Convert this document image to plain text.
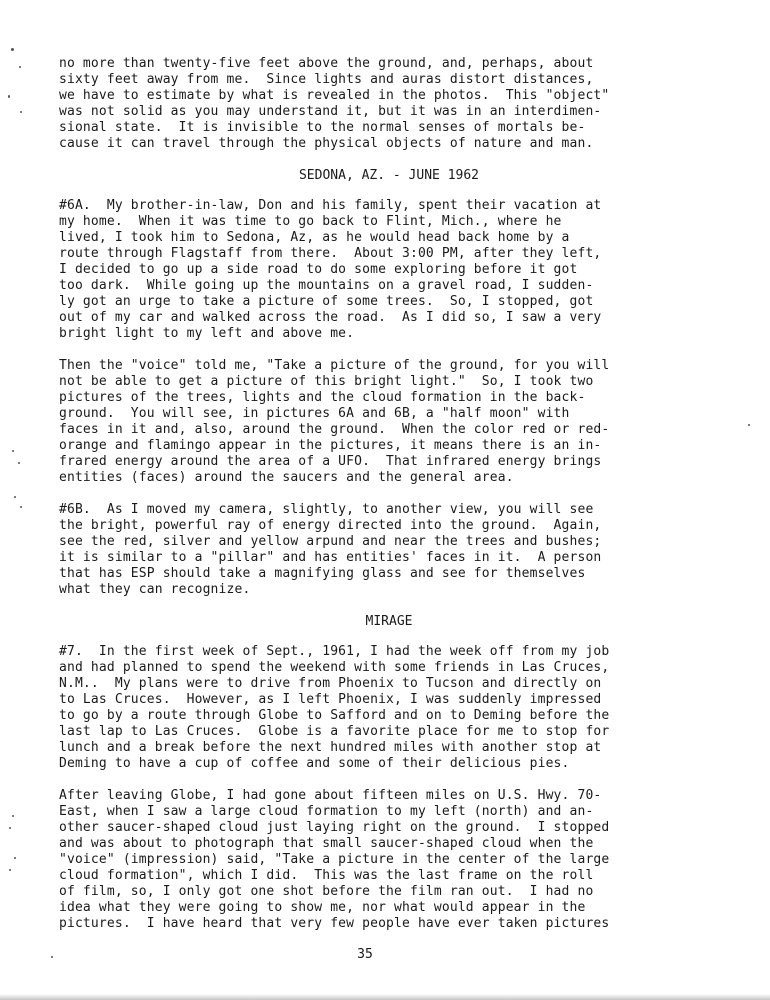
no more than twenty-five feet above the ground, and, perhaps, about
sixty feet away from me.  Since lights and auras distort distances,
we have to estimate by what is revealed in the photos.  This "object"
was not solid as you may understand it, but it was in an interdimen-
sional state.  It is invisible to the normal senses of mortals be-
cause it can travel through the physical objects of nature and man.

SEDONA, AZ. - JUNE 1962

#6A.  My brother-in-law, Don and his family, spent their vacation at
my home.  When it was time to go back to Flint, Mich., where he
lived, I took him to Sedona, Az, as he would head back home by a
route through Flagstaff from there.  About 3:00 PM, after they left,
I decided to go up a side road to do some exploring before it got
too dark.  While going up the mountains on a gravel road, I sudden-
ly got an urge to take a picture of some trees.  So, I stopped, got
out of my car and walked across the road.  As I did so, I saw a very
bright light to my left and above me.

Then the "voice" told me, "Take a picture of the ground, for you will
not be able to get a picture of this bright light."  So, I took two
pictures of the trees, lights and the cloud formation in the back-
ground.  You will see, in pictures 6A and 6B, a "half moon" with
faces in it and, also, around the ground.  When the color red or red-
orange and flamingo appear in the pictures, it means there is an in-
frared energy around the area of a UFO.  That infrared energy brings
entities (faces) around the saucers and the general area.

#6B.  As I moved my camera, slightly, to another view, you will see
the bright, powerful ray of energy directed into the ground.  Again,
see the red, silver and yellow arpund and near the trees and bushes;
it is similar to a "pillar" and has entities' faces in it.  A person
that has ESP should take a magnifying glass and see for themselves
what they can recognize.

MIRAGE

#7.  In the first week of Sept., 1961, I had the week off from my job
and had planned to spend the weekend with some friends in Las Cruces,
N.M..  My plans were to drive from Phoenix to Tucson and directly on
to Las Cruces.  However, as I left Phoenix, I was suddenly impressed
to go by a route through Globe to Safford and on to Deming before the
last lap to Las Cruces.  Globe is a favorite place for me to stop for
lunch and a break before the next hundred miles with another stop at
Deming to have a cup of coffee and some of their delicious pies.

After leaving Globe, I had gone about fifteen miles on U.S. Hwy. 70-
East, when I saw a large cloud formation to my left (north) and an-
other saucer-shaped cloud just laying right on the ground.  I stopped
and was about to photograph that small saucer-shaped cloud when the
"voice" (impression) said, "Take a picture in the center of the large
cloud formation", which I did.  This was the last frame on the roll
of film, so, I only got one shot before the film ran out.  I had no
idea what they were going to show me, nor what would appear in the
pictures.  I have heard that very few people have ever taken pictures

35
